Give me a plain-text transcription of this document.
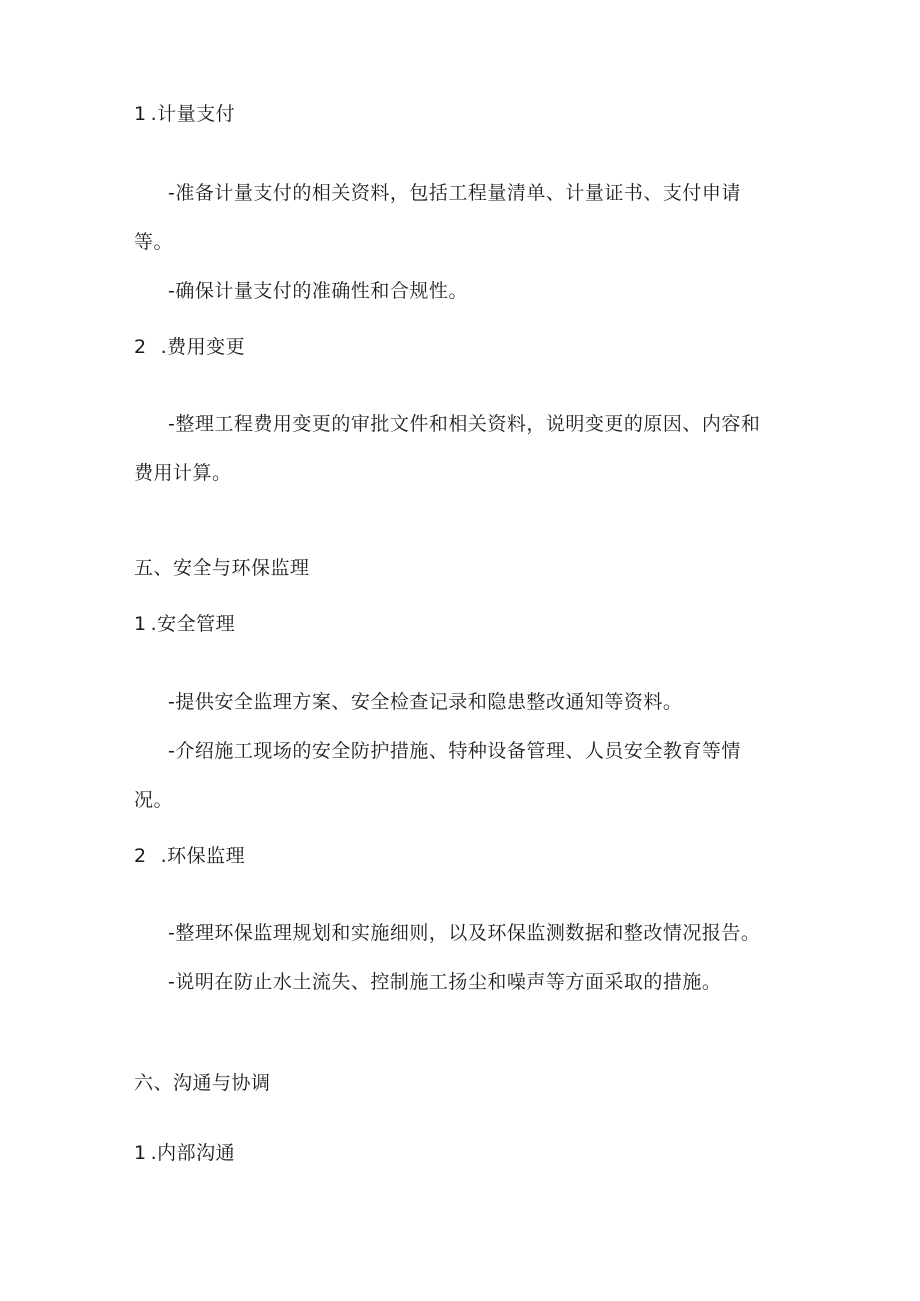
1 .计量支付
-准备计量支付的相关资料，包括工程量清单、计量证书、支付申请
等。
-确保计量支付的准确性和合规性。
2 .费用变更
-整理工程费用变更的审批文件和相关资料，说明变更的原因、内容和
费用计算。
五、安全与环保监理
1 .安全管理
-提供安全监理方案、安全检查记录和隐患整改通知等资料。
-介绍施工现场的安全防护措施、特种设备管理、人员安全教育等情
况。
2 .环保监理
-整理环保监理规划和实施细则，以及环保监测数据和整改情况报告。
-说明在防止水土流失、控制施工扬尘和噪声等方面采取的措施。
六、沟通与协调
1 .内部沟通
